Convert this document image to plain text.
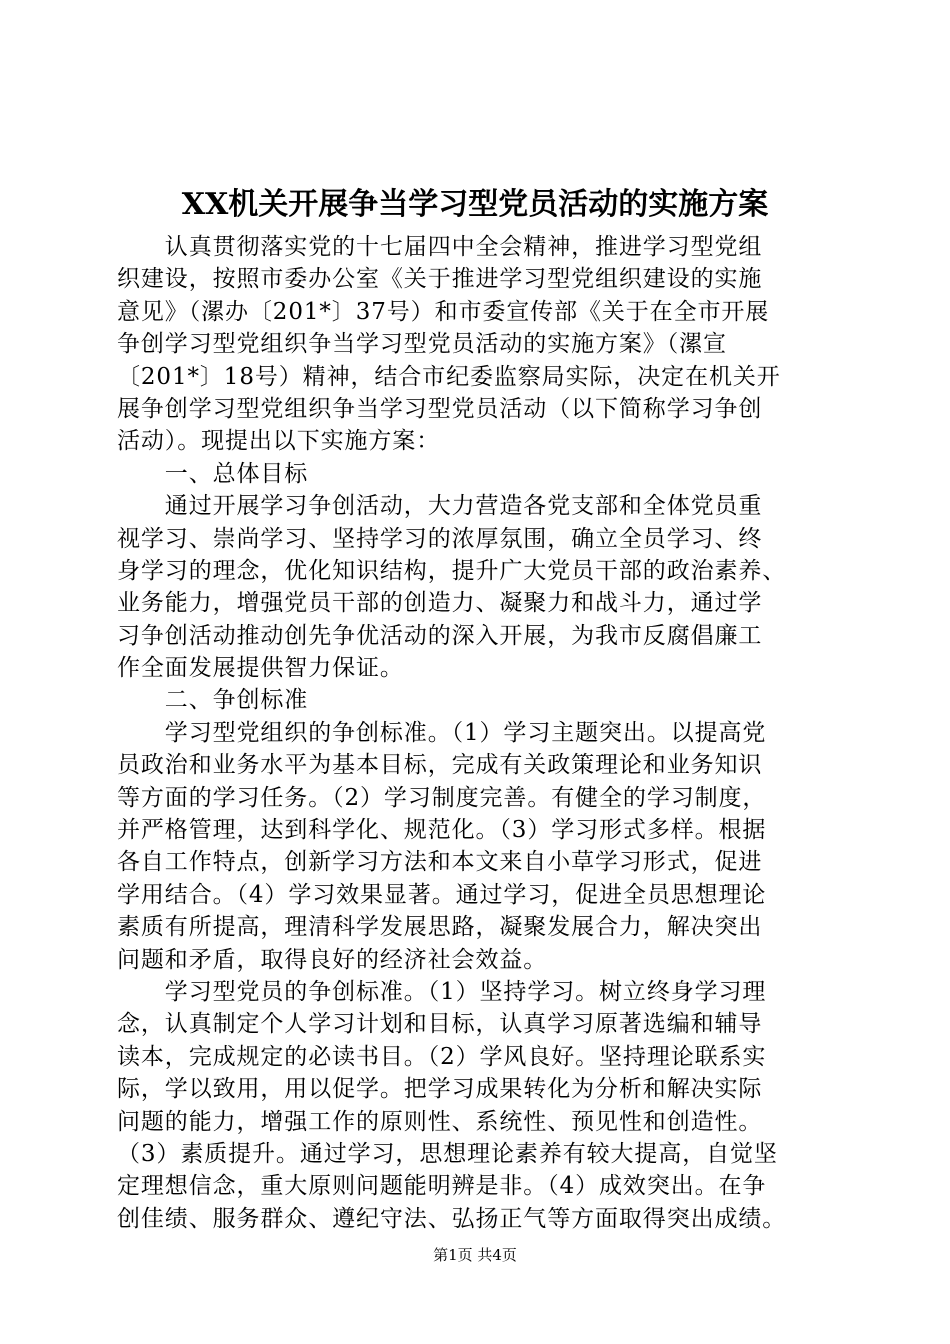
XX机关开展争当学习型党员活动的实施方案
　　认真贯彻落实党的十七届四中全会精神，推进学习型党组
织建设，按照市委办公室《关于推进学习型党组织建设的实施
意见》（漯办〔201*〕37号）和市委宣传部《关于在全市开展
争创学习型党组织争当学习型党员活动的实施方案》（漯宣
〔201*〕18号）精神，结合市纪委监察局实际，决定在机关开
展争创学习型党组织争当学习型党员活动（以下简称学习争创
活动）。现提出以下实施方案：
　　一、总体目标
　　通过开展学习争创活动，大力营造各党支部和全体党员重
视学习、崇尚学习、坚持学习的浓厚氛围，确立全员学习、终
身学习的理念，优化知识结构，提升广大党员干部的政治素养、
业务能力，增强党员干部的创造力、凝聚力和战斗力，通过学
习争创活动推动创先争优活动的深入开展，为我市反腐倡廉工
作全面发展提供智力保证。
　　二、争创标准
　　学习型党组织的争创标准。（1）学习主题突出。以提高党
员政治和业务水平为基本目标，完成有关政策理论和业务知识
等方面的学习任务。（2）学习制度完善。有健全的学习制度，
并严格管理，达到科学化、规范化。（3）学习形式多样。根据
各自工作特点，创新学习方法和本文来自小草学习形式，促进
学用结合。（4）学习效果显著。通过学习，促进全员思想理论
素质有所提高，理清科学发展思路，凝聚发展合力，解决突出
问题和矛盾，取得良好的经济社会效益。
　　学习型党员的争创标准。（1）坚持学习。树立终身学习理
念，认真制定个人学习计划和目标，认真学习原著选编和辅导
读本，完成规定的必读书目。（2）学风良好。坚持理论联系实
际，学以致用，用以促学。把学习成果转化为分析和解决实际
问题的能力，增强工作的原则性、系统性、预见性和创造性。
（3）素质提升。通过学习，思想理论素养有较大提高，自觉坚
定理想信念，重大原则问题能明辨是非。（4）成效突出。在争
创佳绩、服务群众、遵纪守法、弘扬正气等方面取得突出成绩。
第1页 共4页
